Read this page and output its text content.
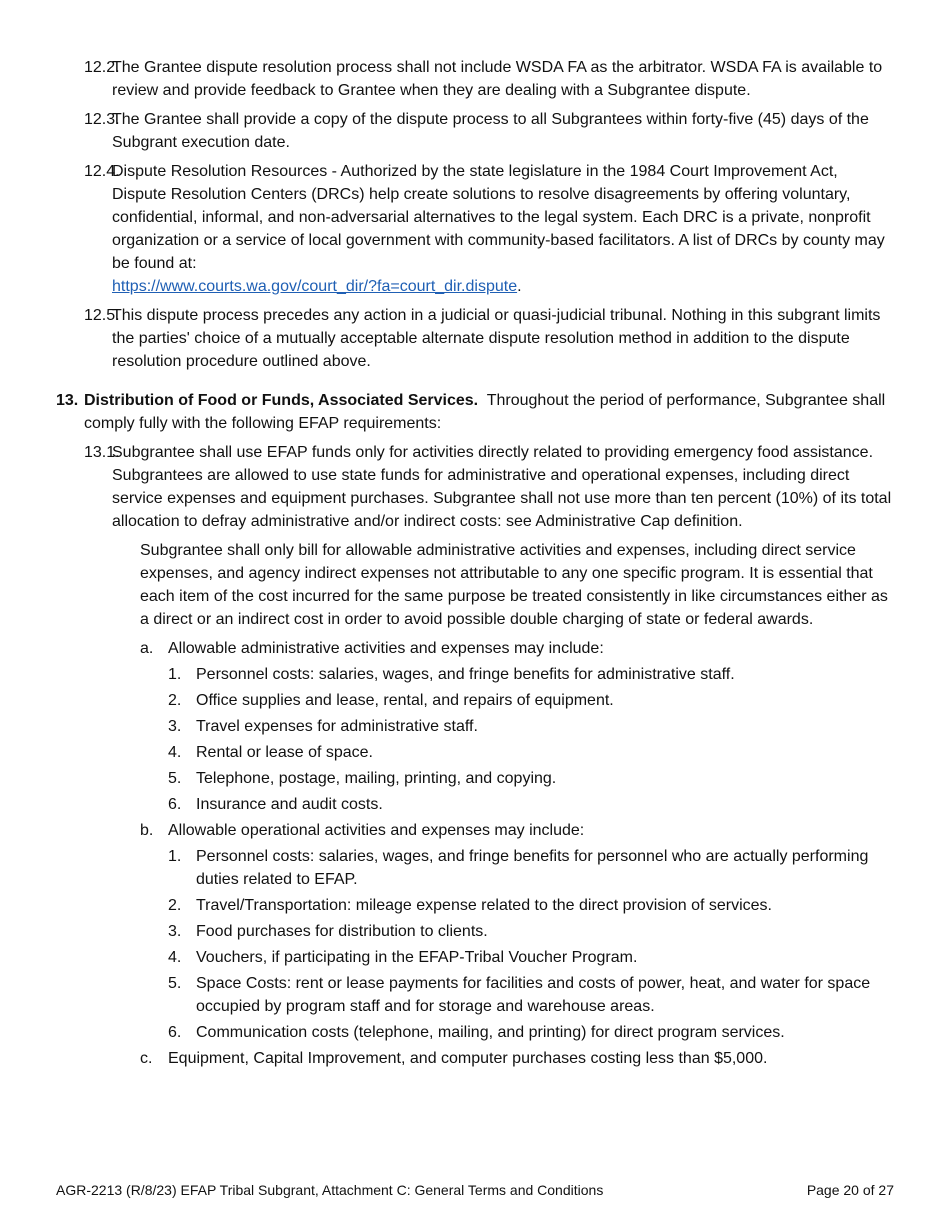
12.2.
The Grantee dispute resolution process shall not include WSDA FA as the arbitrator. WSDA FA is available to review and provide feedback to Grantee when they are dealing with a Subgrantee dispute.
12.3.
The Grantee shall provide a copy of the dispute process to all Subgrantees within forty-five (45) days of the Subgrant execution date.
12.4.
Dispute Resolution Resources - Authorized by the state legislature in the 1984 Court Improvement Act, Dispute Resolution Centers (DRCs) help create solutions to resolve disagreements by offering voluntary, confidential, informal, and non-adversarial alternatives to the legal system. Each DRC is a private, nonprofit organization or a service of local government with community-based facilitators. A list of DRCs by county may be found at:
https://www.courts.wa.gov/court_dir/?fa=court_dir.dispute.
12.5.
This dispute process precedes any action in a judicial or quasi-judicial tribunal. Nothing in this subgrant limits the parties' choice of a mutually acceptable alternate dispute resolution method in addition to the dispute resolution procedure outlined above.
13. Distribution of Food or Funds, Associated Services. Throughout the period of performance, Subgrantee shall comply fully with the following EFAP requirements:
13.1.
Subgrantee shall use EFAP funds only for activities directly related to providing emergency food assistance. Subgrantees are allowed to use state funds for administrative and operational expenses, including direct service expenses and equipment purchases. Subgrantee shall not use more than ten percent (10%) of its total allocation to defray administrative and/or indirect costs: see Administrative Cap definition.
Subgrantee shall only bill for allowable administrative activities and expenses, including direct service expenses, and agency indirect expenses not attributable to any one specific program. It is essential that each item of the cost incurred for the same purpose be treated consistently in like circumstances either as a direct or an indirect cost in order to avoid possible double charging of state or federal awards.
a. Allowable administrative activities and expenses may include:
1. Personnel costs: salaries, wages, and fringe benefits for administrative staff.
2. Office supplies and lease, rental, and repairs of equipment.
3. Travel expenses for administrative staff.
4. Rental or lease of space.
5. Telephone, postage, mailing, printing, and copying.
6. Insurance and audit costs.
b. Allowable operational activities and expenses may include:
1. Personnel costs: salaries, wages, and fringe benefits for personnel who are actually performing duties related to EFAP.
2. Travel/Transportation: mileage expense related to the direct provision of services.
3. Food purchases for distribution to clients.
4. Vouchers, if participating in the EFAP-Tribal Voucher Program.
5. Space Costs: rent or lease payments for facilities and costs of power, heat, and water for space occupied by program staff and for storage and warehouse areas.
6. Communication costs (telephone, mailing, and printing) for direct program services.
c. Equipment, Capital Improvement, and computer purchases costing less than $5,000.
AGR-2213 (R/8/23) EFAP Tribal Subgrant, Attachment C: General Terms and Conditions	Page 20 of 27
